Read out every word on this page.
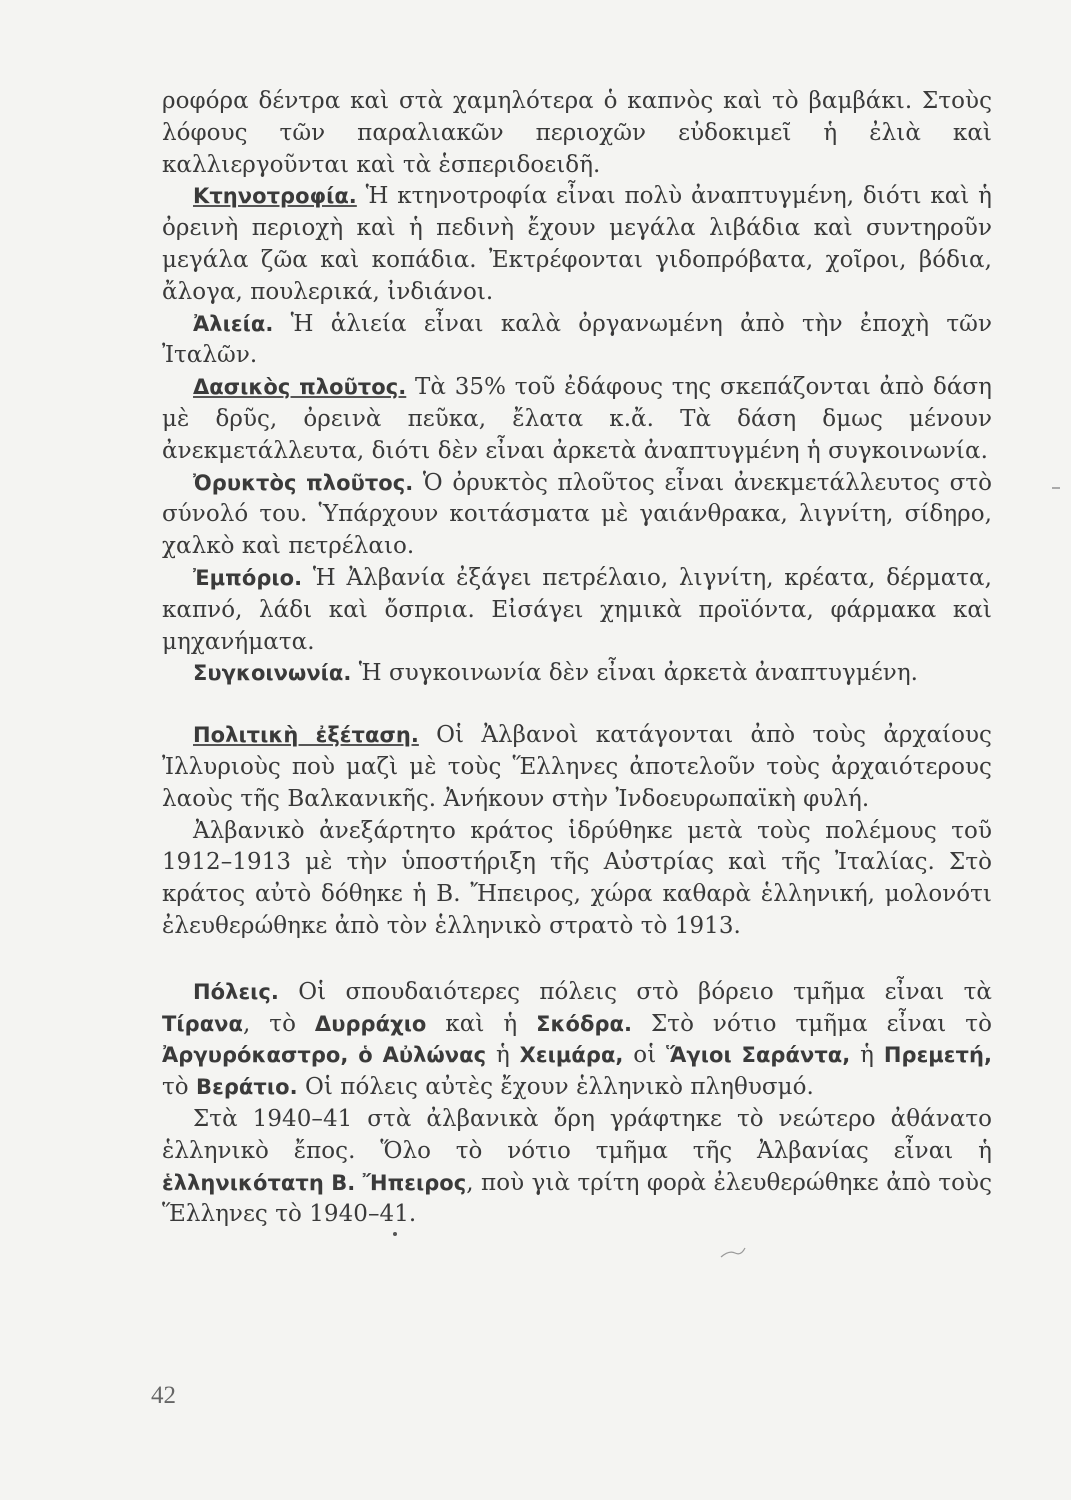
ροφόρα δέντρα καὶ στὰ χαμηλότερα ὁ καπνὸς καὶ τὸ βαμβάκι. Στοὺς λόφους τῶν παραλιακῶν περιοχῶν εὐδοκιμεῖ ἡ ἐλιὰ καὶ καλλιεργοῦνται καὶ τὰ ἑσπεριδοειδῆ.

Κτηνοτροφία. Ἡ κτηνοτροφία εἶναι πολὺ ἀναπτυγμένη, διότι καὶ ἡ ὀρεινὴ περιοχὴ καὶ ἡ πεδινὴ ἔχουν μεγάλα λιβάδια καὶ συντηροῦν μεγάλα ζῶα καὶ κοπάδια. Ἐκτρέφονται γιδοπρόβατα, χοῖροι, βόδια, ἄλογα, πουλερικά, ἰνδιάνοι.

Ἀλιεία. Ἡ ἁλιεία εἶναι καλὰ ὀργανωμένη ἀπὸ τὴν ἐποχὴ τῶν Ἰταλῶν.

Δασικὸς πλοῦτος. Τὰ 35% τοῦ ἐδάφους της σκεπάζονται ἀπὸ δάση μὲ δρῦς, ὀρεινὰ πεῦκα, ἔλατα κ.ἄ. Τὰ δάση δμως μένουν ἀνεκμετάλλευτα, διότι δὲν εἶναι ἀρκετὰ ἀναπτυγμένη ἡ συγκοινωνία.

Ὀρυκτὸς πλοῦτος. Ὁ ὀρυκτὸς πλοῦτος εἶναι ἀνεκμετάλλευτος στὸ σύνολό του. Ὑπάρχουν κοιτάσματα μὲ γαιάνθρακα, λιγνίτη, σίδηρο, χαλκὸ καὶ πετρέλαιο.

Ἐμπόριο. Ἡ Ἀλβανία ἐξάγει πετρέλαιο, λιγνίτη, κρέατα, δέρματα, καπνό, λάδι καὶ ὄσπρια. Εἰσάγει χημικὰ προϊόντα, φάρμακα καὶ μηχανήματα.

Συγκοινωνία. Ἡ συγκοινωνία δὲν εἶναι ἀρκετὰ ἀναπτυγμένη.

Πολιτικὴ ἐξέταση. Οἱ Ἀλβανοὶ κατάγονται ἀπὸ τοὺς ἀρχαίους Ἰλλυριοὺς ποὺ μαζὶ μὲ τοὺς Ἕλληνες ἀποτελοῦν τοὺς ἀρχαιότερους λαοὺς τῆς Βαλκανικῆς. Ἀνήκουν στὴν Ἰνδοευρωπαϊκὴ φυλή.

Ἀλβανικὸ ἀνεξάρτητο κράτος ἱδρύθηκε μετὰ τοὺς πολέμους τοῦ 1912–1913 μὲ τὴν ὑποστήριξη τῆς Αὐστρίας καὶ τῆς Ἰταλίας. Στὸ κράτος αὐτὸ δόθηκε ἡ Β. Ἤπειρος, χώρα καθαρὰ ἑλληνική, μολονότι ἐλευθερώθηκε ἀπὸ τὸν ἑλληνικὸ στρατὸ τὸ 1913.

Πόλεις. Οἱ σπουδαιότερες πόλεις στὸ βόρειο τμῆμα εἶναι τὰ Τίρανα, τὸ Δυρράχιο καὶ ἡ Σκόδρα. Στὸ νότιο τμῆμα εἶναι τὸ Ἀργυρόκαστρο, ὁ Αὐλώνας ἡ Χειμάρα, οἱ Ἅγιοι Σαράντα, ἡ Πρεμετή, τὸ Βεράτιο. Οἱ πόλεις αὐτὲς ἔχουν ἑλληνικὸ πληθυσμό.

Στὰ 1940–41 στὰ ἀλβανικὰ ὄρη γράφτηκε τὸ νεώτερο ἀθάνατο ἑλληνικὸ ἔπος. Ὅλο τὸ νότιο τμῆμα τῆς Ἀλβανίας εἶναι ἡ ἑλληνικότατη Β. Ἤπειρος, ποὺ γιὰ τρίτη φορὰ ἐλευθερώθηκε ἀπὸ τοὺς Ἕλληνες τὸ 1940–41.

42
